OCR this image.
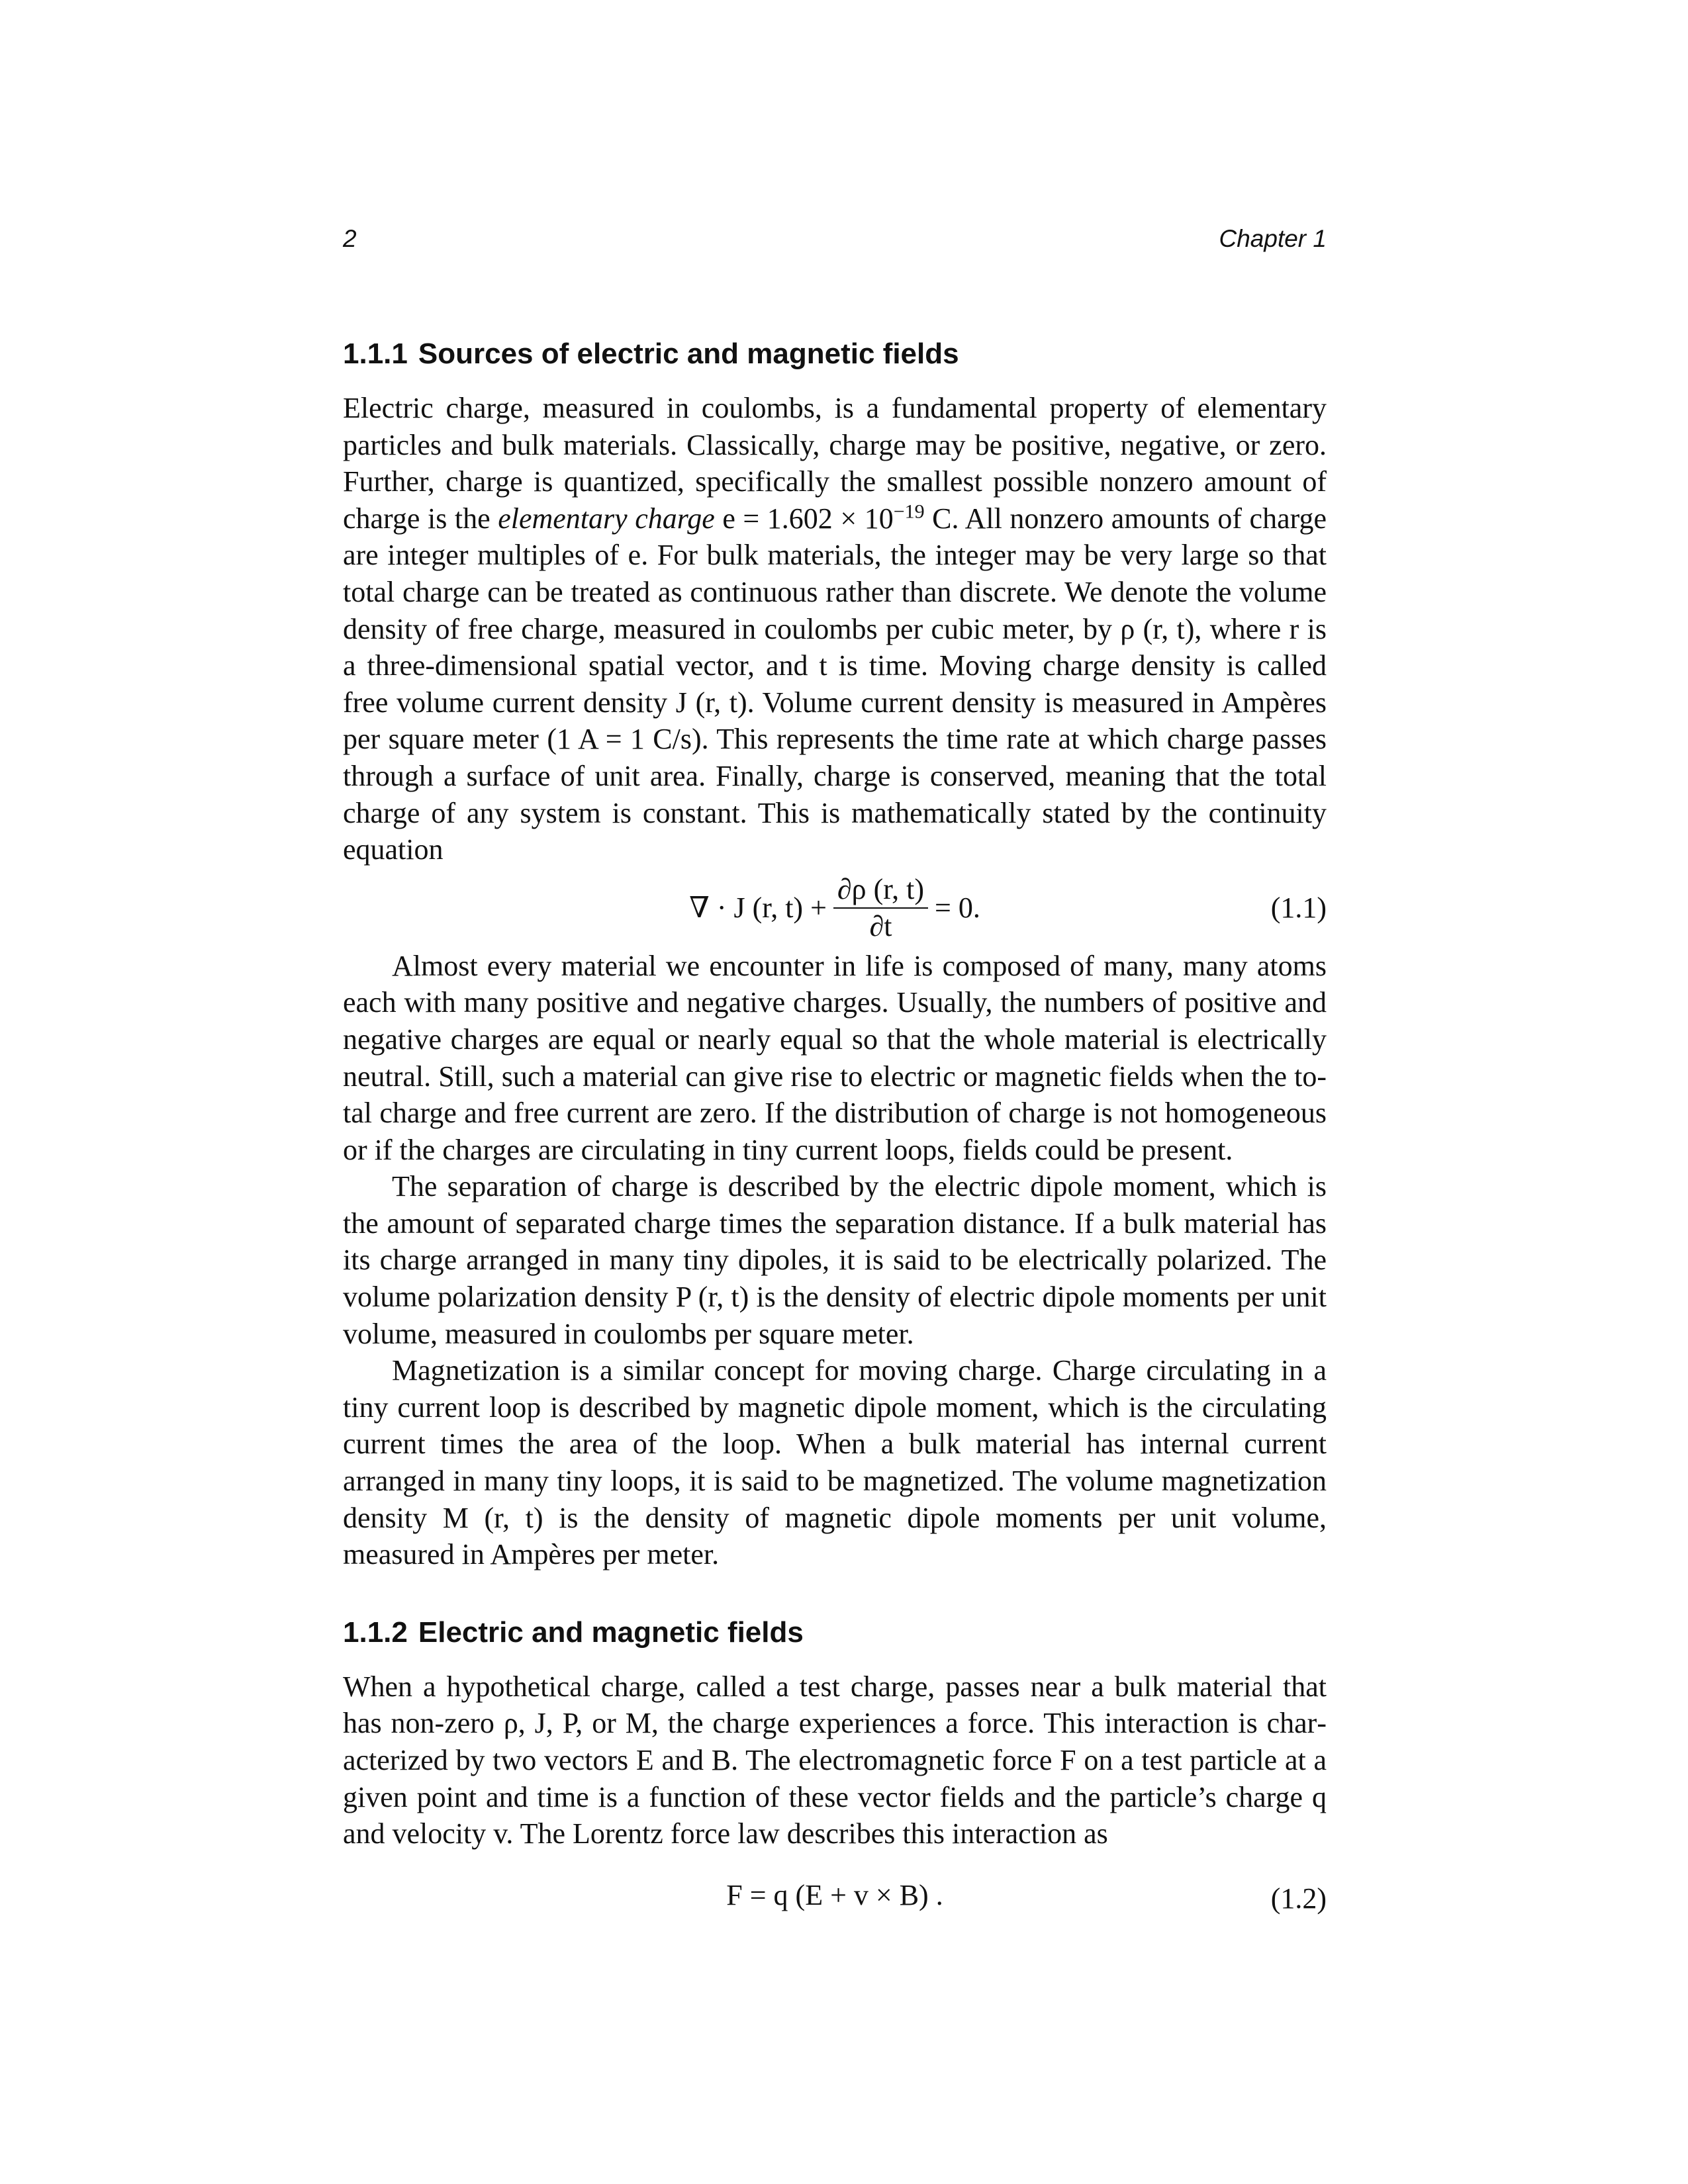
2	Chapter 1
1.1.1 Sources of electric and magnetic fields

Electric charge, measured in coulombs, is a fundamental property of elementary particles and bulk materials. Classically, charge may be positive, negative, or zero. Further, charge is quantized, specifically the smallest possible nonzero amount of charge is the elementary charge $e = 1.602 \times 10^{-19}$ C. All nonzero amounts of charge are integer multiples of e. For bulk materials, the integer may be very large so that total charge can be treated as continuous rather than discrete. We denote the volume density of free charge, measured in coulombs per cubic meter, by ρ (r, t), where r is a three-dimensional spatial vector, and t is time. Moving charge density is called free volume current density J (r, t). Volume current density is measured in Ampères per square meter (1 A = 1 C/s). This represents the time rate at which charge passes through a surface of unit area. Finally, charge is conserved, meaning that the total charge of any system is constant. This is mathematically stated by the continuity equation

∇ · J (r, $t) + \frac{\partial\rho (r, t)}{\partial t} = 0$.	(1.1)

Almost every material we encounter in life is composed of many, many atoms each with many positive and negative charges. Usually, the numbers of positive and negative charges are equal or nearly equal so that the whole material is electrically neutral. Still, such a material can give rise to electric or magnetic fields when the total charge and free current are zero. If the distribution of charge is not homogeneous or if the charges are circulating in tiny current loops, fields could be present.

The separation of charge is described by the electric dipole moment, which is the amount of separated charge times the separation distance. If a bulk material has its charge arranged in many tiny dipoles, it is said to be electrically polarized. The volume polarization density P (r, t) is the density of electric dipole moments per unit volume, measured in coulombs per square meter.

Magnetization is a similar concept for moving charge. Charge circulating in a tiny current loop is described by magnetic dipole moment, which is the circulating current times the area of the loop. When a bulk material has internal current arranged in many tiny loops, it is said to be magnetized. The volume magnetization density M (r, t) is the density of magnetic dipole moments per unit volume, measured in Ampères per meter.

1.1.2 Electric and magnetic fields

When a hypothetical charge, called a test charge, passes near a bulk material that has non-zero ρ, J, P, or M, the charge experiences a force. This interaction is characterized by two vectors E and B. The electromagnetic force F on a test particle at a given point and time is a function of these vector fields and the particle’s charge q and velocity v. The Lorentz force law describes this interaction as

F = q (E + v × B) .	(1.2)
